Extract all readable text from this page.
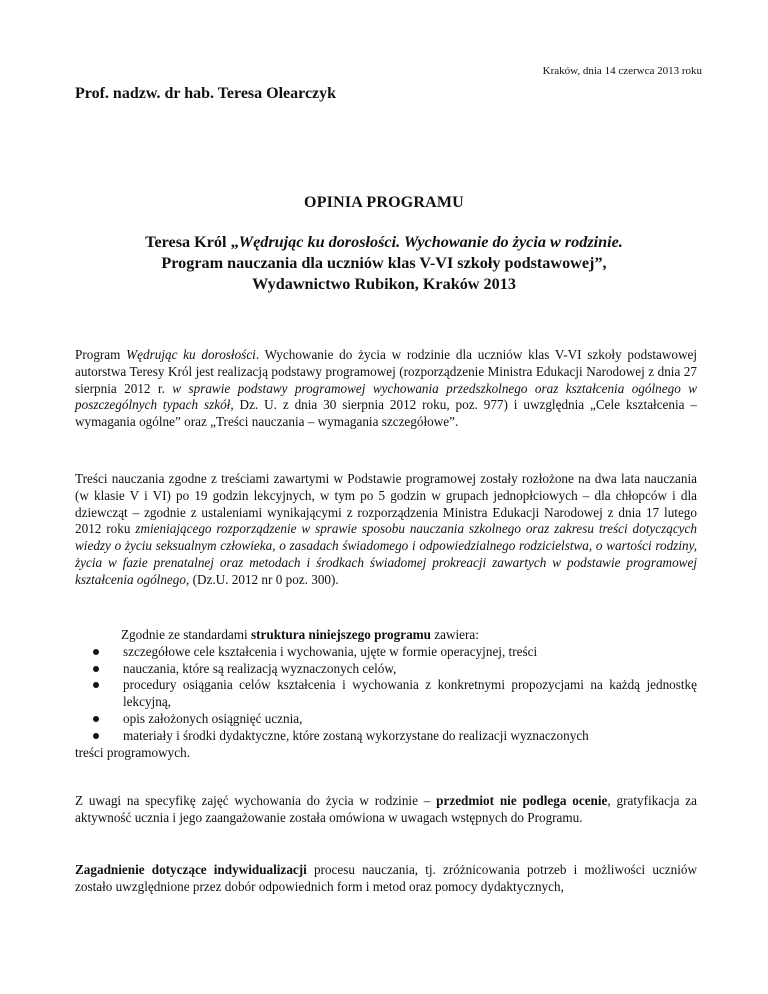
Kraków, dnia 14 czerwca 2013 roku
Prof. nadzw. dr hab. Teresa Olearczyk
OPINIA PROGRAMU
Teresa Król „Wędrując ku dorosłości. Wychowanie do życia w rodzinie.
Program nauczania dla uczniów klas V-VI szkoły podstawowej”,
Wydawnictwo Rubikon, Kraków 2013
Program Wędrując ku dorosłości. Wychowanie do życia w rodzinie dla uczniów klas V-VI szkoły podstawowej autorstwa Teresy Król jest realizacją podstawy programowej (rozporządzenie Ministra Edukacji Narodowej z dnia 27 sierpnia 2012 r. w sprawie podstawy programowej wychowania przedszkolnego oraz kształcenia ogólnego w poszczególnych typach szkół, Dz. U. z dnia 30 sierpnia 2012 roku, poz. 977) i uwzględnia „Cele kształcenia – wymagania ogólne” oraz „Treści nauczania – wymagania szczegółowe”.
Treści nauczania zgodne z treściami zawartymi w Podstawie programowej zostały rozłożone na dwa lata nauczania (w klasie V i VI) po 19 godzin lekcyjnych, w tym po 5 godzin w grupach jednopłciowych – dla chłopców i dla dziewcząt – zgodnie z ustaleniami wynikającymi z rozporządzenia Ministra Edukacji Narodowej z dnia 17 lutego 2012 roku zmieniającego rozporządzenie w sprawie sposobu nauczania szkolnego oraz zakresu treści dotyczących wiedzy o życiu seksualnym człowieka, o zasadach świadomego i odpowiedzialnego rodzicielstwa, o wartości rodziny, życia w fazie prenatalnej oraz metodach i środkach świadomej prokreacji zawartych w podstawie programowej kształcenia ogólnego, (Dz.U. 2012 nr 0 poz. 300).
Zgodnie ze standardami struktura niniejszego programu zawiera:
szczegółowe cele kształcenia i wychowania, ujęte w formie operacyjnej, treści
nauczania, które są realizacją wyznaczonych celów,
procedury osiągania celów kształcenia i wychowania z konkretnymi propozycjami na każdą jednostkę lekcyjną,
opis założonych osiągnięć ucznia,
materiały i środki dydaktyczne, które zostaną wykorzystane do realizacji wyznaczonych
treści programowych.
Z uwagi na specyfikę zajęć wychowania do życia w rodzinie – przedmiot nie podlega ocenie, gratyfikacja za aktywność ucznia i jego zaangażowanie została omówiona w uwagach wstępnych do Programu.
Zagadnienie dotyczące indywidualizacji procesu nauczania, tj. zróżnicowania potrzeb i możliwości uczniów zostało uwzględnione przez dobór odpowiednich form i metod oraz pomocy dydaktycznych,
